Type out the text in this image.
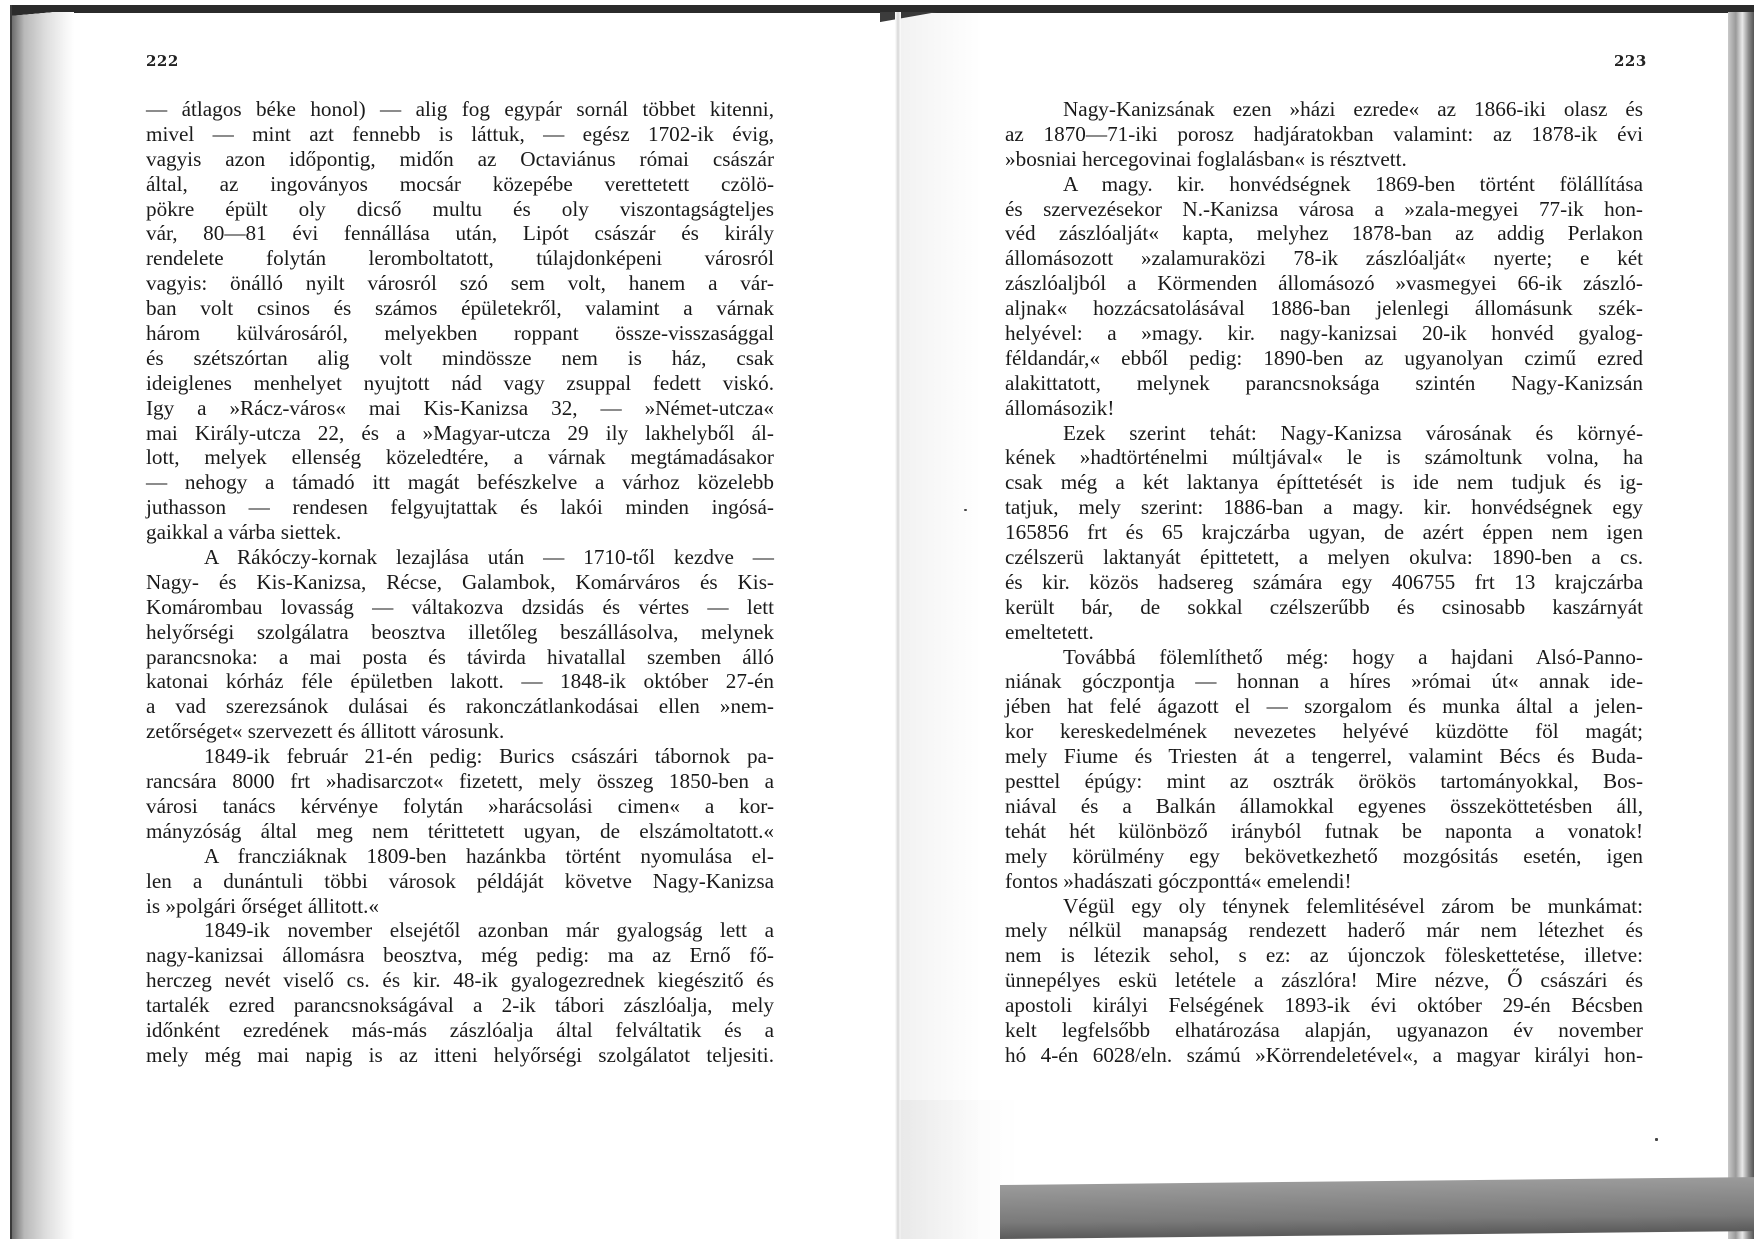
222	223
— átlagos béke honol) — alig fog egypár sornál többet kitenni,
mivel — mint azt fennebb is láttuk, — egész 1702-ik évig,
vagyis azon időpontig, midőn az Octaviánus római császár
által, az ingoványos mocsár közepébe verettetett czölö-
pökre épült oly dicső multu és oly viszontagságteljes
vár, 80—81 évi fennállása után, Lipót császár és király
rendelete folytán leromboltatott, túlajdonképeni városról
vagyis: önálló nyilt városról szó sem volt, hanem a vár-
ban volt csinos és számos épületekről, valamint a várnak
három külvárosáról, melyekben roppant össze-visszasággal
és szétszórtan alig volt mindössze nem is ház, csak
ideiglenes menhelyet nyujtott nád vagy zsuppal fedett viskó.
Igy a »Rácz-város« mai Kis-Kanizsa 32, — »Német-utcza«
mai Király-utcza 22, és a »Magyar-utcza 29 ily lakhelyből ál-
lott, melyek ellenség közeledtére, a várnak megtámadásakor
— nehogy a támadó itt magát befészkelve a várhoz közelebb
juthasson — rendesen felgyujtattak és lakói minden ingósá-
gaikkal a várba siettek.
A Rákóczy-kornak lezajlása után — 1710-től kezdve —
Nagy- és Kis-Kanizsa, Récse, Galambok, Komárváros és Kis-
Komárombau lovasság — váltakozva dzsidás és vértes — lett
helyőrségi szolgálatra beosztva illetőleg beszállásolva, melynek
parancsnoka: a mai posta és távirda hivatallal szemben álló
katonai kórház féle épületben lakott. — 1848-ik október 27-én
a vad szerezsánok dulásai és rakonczátlankodásai ellen »nem-
zetőrséget« szervezett és állitott városunk.
1849-ik február 21-én pedig: Burics császári tábornok pa-
rancsára 8000 frt »hadisarczot« fizetett, mely összeg 1850-ben a
városi tanács kérvénye folytán »harácsolási cimen« a kor-
mányzóság által meg nem térittetett ugyan, de elszámoltatott.«
A francziáknak 1809-ben hazánkba történt nyomulása el-
len a dunántuli többi városok példáját követve Nagy-Kanizsa
is »polgári őrséget állitott.«
1849-ik november elsejétől azonban már gyalogság lett a
nagy-kanizsai állomásra beosztva, még pedig: ma az Ernő fő-
herczeg nevét viselő cs. és kir. 48-ik gyalogezrednek kiegészitő és
tartalék ezred parancsnokságával a 2-ik tábori zászlóalja, mely
időnként ezredének más-más zászlóalja által felváltatik és a
mely még mai napig is az itteni helyőrségi szolgálatot teljesiti.
Nagy-Kanizsának ezen »házi ezrede« az 1866-iki olasz és
az 1870—71-iki porosz hadjáratokban valamint: az 1878-ik évi
»bosniai hercegovinai foglalásban« is résztvett.
A magy. kir. honvédségnek 1869-ben történt fölállítása
és szervezésekor N.-Kanizsa városa a »zala-megyei 77-ik hon-
véd zászlóalját« kapta, melyhez 1878-ban az addig Perlakon
állomásozott »zalamuraközi 78-ik zászlóalját« nyerte; e két
zászlóaljból a Körmenden állomásozó »vasmegyei 66-ik zászló-
aljnak« hozzácsatolásával 1886-ban jelenlegi állomásunk szék-
helyével: a »magy. kir. nagy-kanizsai 20-ik honvéd gyalog-
féldandár,« ebből pedig: 1890-ben az ugyanolyan czimű ezred
alakittatott, melynek parancsnoksága szintén Nagy-Kanizsán
állomásozik!
Ezek szerint tehát: Nagy-Kanizsa városának és környé-
kének »hadtörténelmi múltjával« le is számoltunk volna, ha
csak még a két laktanya építtetését is ide nem tudjuk és ig-
tatjuk, mely szerint: 1886-ban a magy. kir. honvédségnek egy
165856 frt és 65 krajczárba ugyan, de azért éppen nem igen
czélszerü laktanyát épittetett, a melyen okulva: 1890-ben a cs.
és kir. közös hadsereg számára egy 406755 frt 13 krajczárba
került bár, de sokkal czélszerűbb és csinosabb kaszárnyát
emeltetett.
Továbbá fölemlíthető még: hogy a hajdani Alsó-Panno-
niának góczpontja — honnan a híres »római út« annak ide-
jében hat felé ágazott el — szorgalom és munka által a jelen-
kor kereskedelmének nevezetes helyévé küzdötte föl magát;
mely Fiume és Triesten át a tengerrel, valamint Bécs és Buda-
pesttel épúgy: mint az osztrák örökös tartományokkal, Bos-
niával és a Balkán államokkal egyenes összeköttetésben áll,
tehát hét különböző irányból futnak be naponta a vonatok!
mely körülmény egy bekövetkezhető mozgósitás esetén, igen
fontos »hadászati góczponttá« emelendi!
Végül egy oly ténynek felemlitésével zárom be munkámat:
mely nélkül manapság rendezett haderő már nem létezhet és
nem is létezik sehol, s ez: az újonczok föleskettetése, illetve:
ünnepélyes eskü letétele a zászlóra! Mire nézve, Ő császári és
apostoli királyi Felségének 1893-ik évi október 29-én Bécsben
kelt legfelsőbb elhatározása alapján, ugyanazon év november
hó 4-én 6028/eln. számú »Körrendeletével«, a magyar királyi hon-
